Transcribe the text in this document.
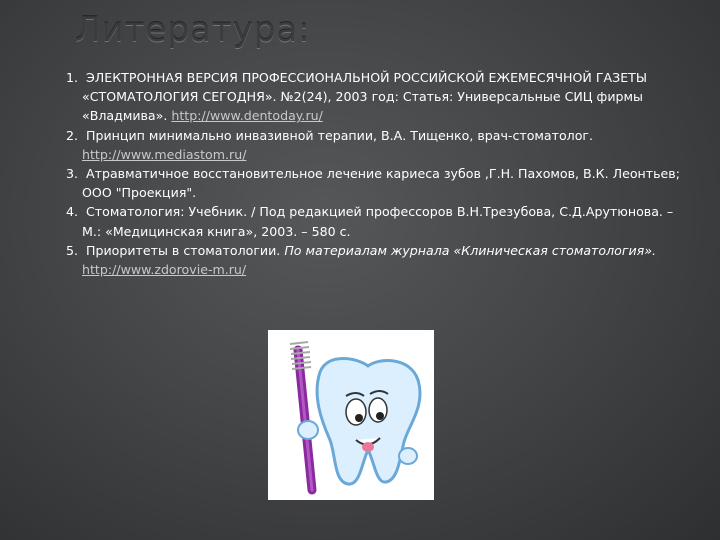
Литература:
1. ЭЛЕКТРОННАЯ ВЕРСИЯ ПРОФЕССИОНАЛЬНОЙ РОССИЙСКОЙ ЕЖЕМЕСЯЧНОЙ ГАЗЕТЫ «СТОМАТОЛОГИЯ СЕГОДНЯ». №2(24), 2003 год: Статья: Универсальные СИЦ фирмы «Владмива». http://www.dentoday.ru/
2. Принцип минимально инвазивной терапии, В.А. Тищенко, врач-стоматолог. http://www.mediastom.ru/
3. Атравматичное восстановительное лечение кариеса зубов ,Г.Н. Пахомов, В.К. Леонтьев; ООО "Проекция".
4. Стоматология: Учебник. / Под редакцией профессоров В.Н.Трезубова, С.Д.Арутюнова. – М.: «Медицинская книга», 2003. – 580 с.
5. Приоритеты в стоматологии. По материалам журнала «Клиническая стоматология». http://www.zdorovie-m.ru/
